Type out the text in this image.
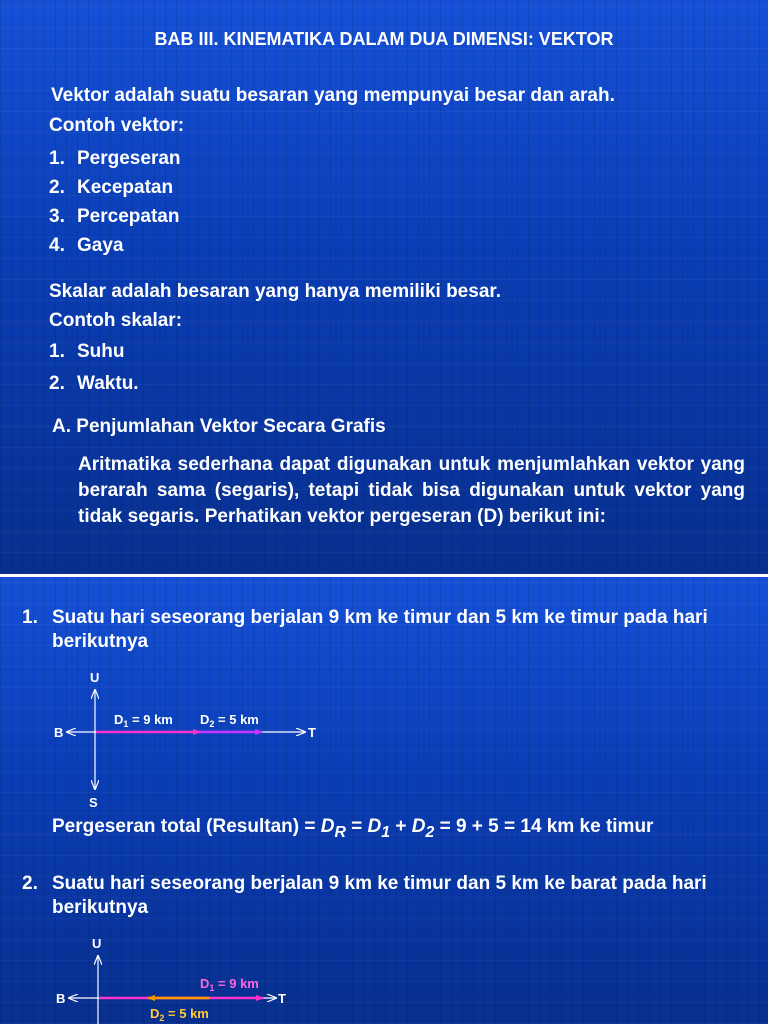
BAB III. KINEMATIKA DALAM DUA DIMENSI: VEKTOR
Vektor adalah suatu besaran yang mempunyai besar dan arah.
Contoh vektor:
1. Pergeseran
2. Kecepatan
3. Percepatan
4. Gaya
Skalar adalah besaran yang hanya memiliki besar.
Contoh skalar:
1. Suhu
2. Waktu.
A. Penjumlahan Vektor Secara Grafis
Aritmatika sederhana dapat digunakan untuk menjumlahkan vektor yang berarah sama (segaris), tetapi tidak bisa digunakan untuk vektor yang tidak segaris. Perhatikan vektor pergeseran (D) berikut ini:
1. Suatu hari seseorang berjalan 9 km ke timur dan 5 km ke timur pada hari berikutnya
U
S
B	T
$D_1 = 9$ km $D_2 = 5$ km
U
B	T
$D_1 = 9$ km
$D_2 = 5$ km
Pergeseran total (Resultan) = $D_R = D_1 + D_2 = 9 + 5 = 14$ km ke timur
2. Suatu hari seseorang berjalan 9 km ke timur dan 5 km ke barat pada hari berikutnya
